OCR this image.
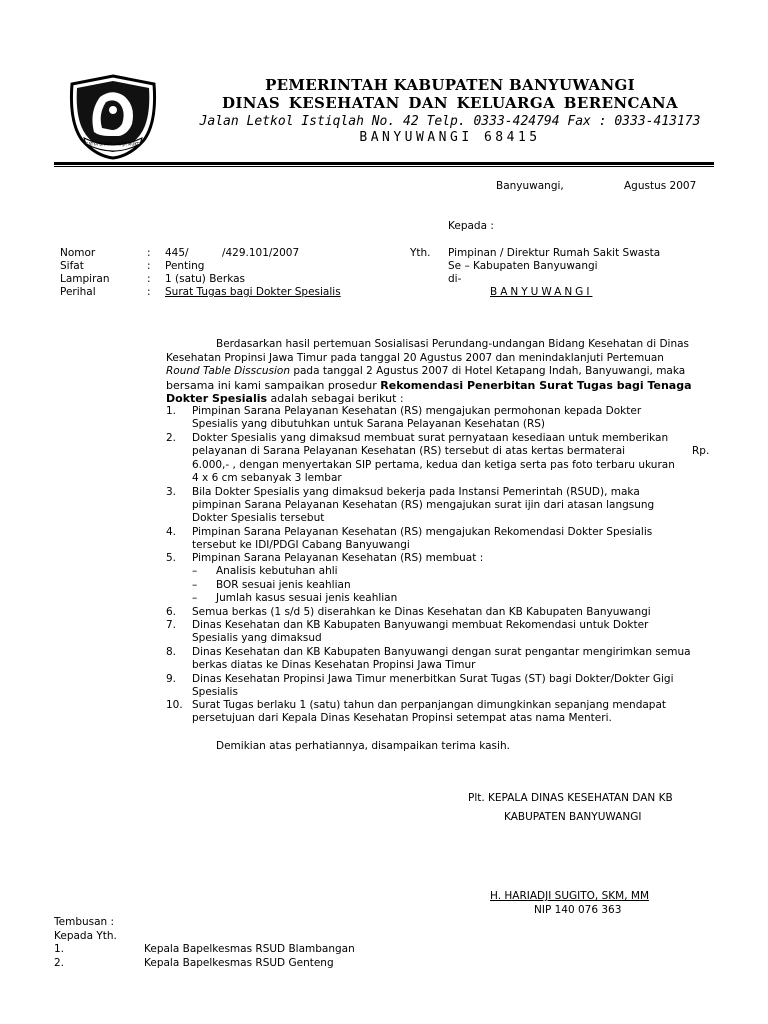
SATYA BHAKTI PRAJA MUKTI
PEMERINTAH KABUPATEN BANYUWANGI
DINAS KESEHATAN DAN KELUARGA BERENCANA
Jalan Letkol Istiqlah No. 42 Telp. 0333-424794 Fax : 0333-413173
BANYUWANGI 68415
Banyuwangi,	Agustus 2007
Kepada :
Yth. Pimpinan / Direktur Rumah Sakit Swasta
Se – Kabupaten Banyuwangi
di-
BANYUWANGI
Nomor	: 445/          /429.101/2007
Sifat	: Penting
Lampiran	: 1 (satu) Berkas
Perihal	: Surat Tugas bagi Dokter Spesialis
Berdasarkan hasil pertemuan Sosialisasi Perundang-undangan Bidang Kesehatan di Dinas
Kesehatan Propinsi Jawa Timur pada tanggal 20 Agustus 2007 dan menindaklanjuti Pertemuan
Round Table Disscusion pada tanggal 2 Agustus 2007 di Hotel Ketapang Indah, Banyuwangi, maka
bersama ini kami sampaikan prosedur Rekomendasi Penerbitan Surat Tugas bagi Tenaga
Dokter Spesialis adalah sebagai berikut :
1. Pimpinan Sarana Pelayanan Kesehatan (RS) mengajukan permohonan kepada Dokter
Spesialis yang dibutuhkan untuk Sarana Pelayanan Kesehatan (RS)
2. Dokter Spesialis yang dimaksud membuat surat pernyataan kesediaan untuk memberikan
pelayanan di Sarana Pelayanan Kesehatan (RS) tersebut di atas kertas bermaterai	Rp.
6.000,- , dengan menyertakan SIP pertama, kedua dan ketiga serta pas foto terbaru ukuran
4 x 6 cm sebanyak 3 lembar
3. Bila Dokter Spesialis yang dimaksud bekerja pada Instansi Pemerintah (RSUD), maka
pimpinan Sarana Pelayanan Kesehatan (RS) mengajukan surat ijin dari atasan langsung
Dokter Spesialis tersebut
4. Pimpinan Sarana Pelayanan Kesehatan (RS) mengajukan Rekomendasi Dokter Spesialis
tersebut ke IDI/PDGI Cabang Banyuwangi
5. Pimpinan Sarana Pelayanan Kesehatan (RS) membuat :
– Analisis kebutuhan ahli
– BOR sesuai jenis keahlian
– Jumlah kasus sesuai jenis keahlian
6. Semua berkas (1 s/d 5) diserahkan ke Dinas Kesehatan dan KB Kabupaten Banyuwangi
7. Dinas Kesehatan dan KB Kabupaten Banyuwangi membuat Rekomendasi untuk Dokter
Spesialis yang dimaksud
8. Dinas Kesehatan dan KB Kabupaten Banyuwangi dengan surat pengantar mengirimkan semua
berkas diatas ke Dinas Kesehatan Propinsi Jawa Timur
9. Dinas Kesehatan Propinsi Jawa Timur menerbitkan Surat Tugas (ST) bagi Dokter/Dokter Gigi
Spesialis
10. Surat Tugas berlaku 1 (satu) tahun dan perpanjangan dimungkinkan sepanjang mendapat
persetujuan dari Kepala Dinas Kesehatan Propinsi setempat atas nama Menteri.
Demikian atas perhatiannya, disampaikan terima kasih.
Plt. KEPALA DINAS KESEHATAN DAN KB
KABUPATEN BANYUWANGI
H. HARIADJI SUGITO, SKM, MM
NIP 140 076 363
Tembusan :
Kepada Yth.
1.	Kepala Bapelkesmas RSUD Blambangan
2.	Kepala Bapelkesmas RSUD Genteng
